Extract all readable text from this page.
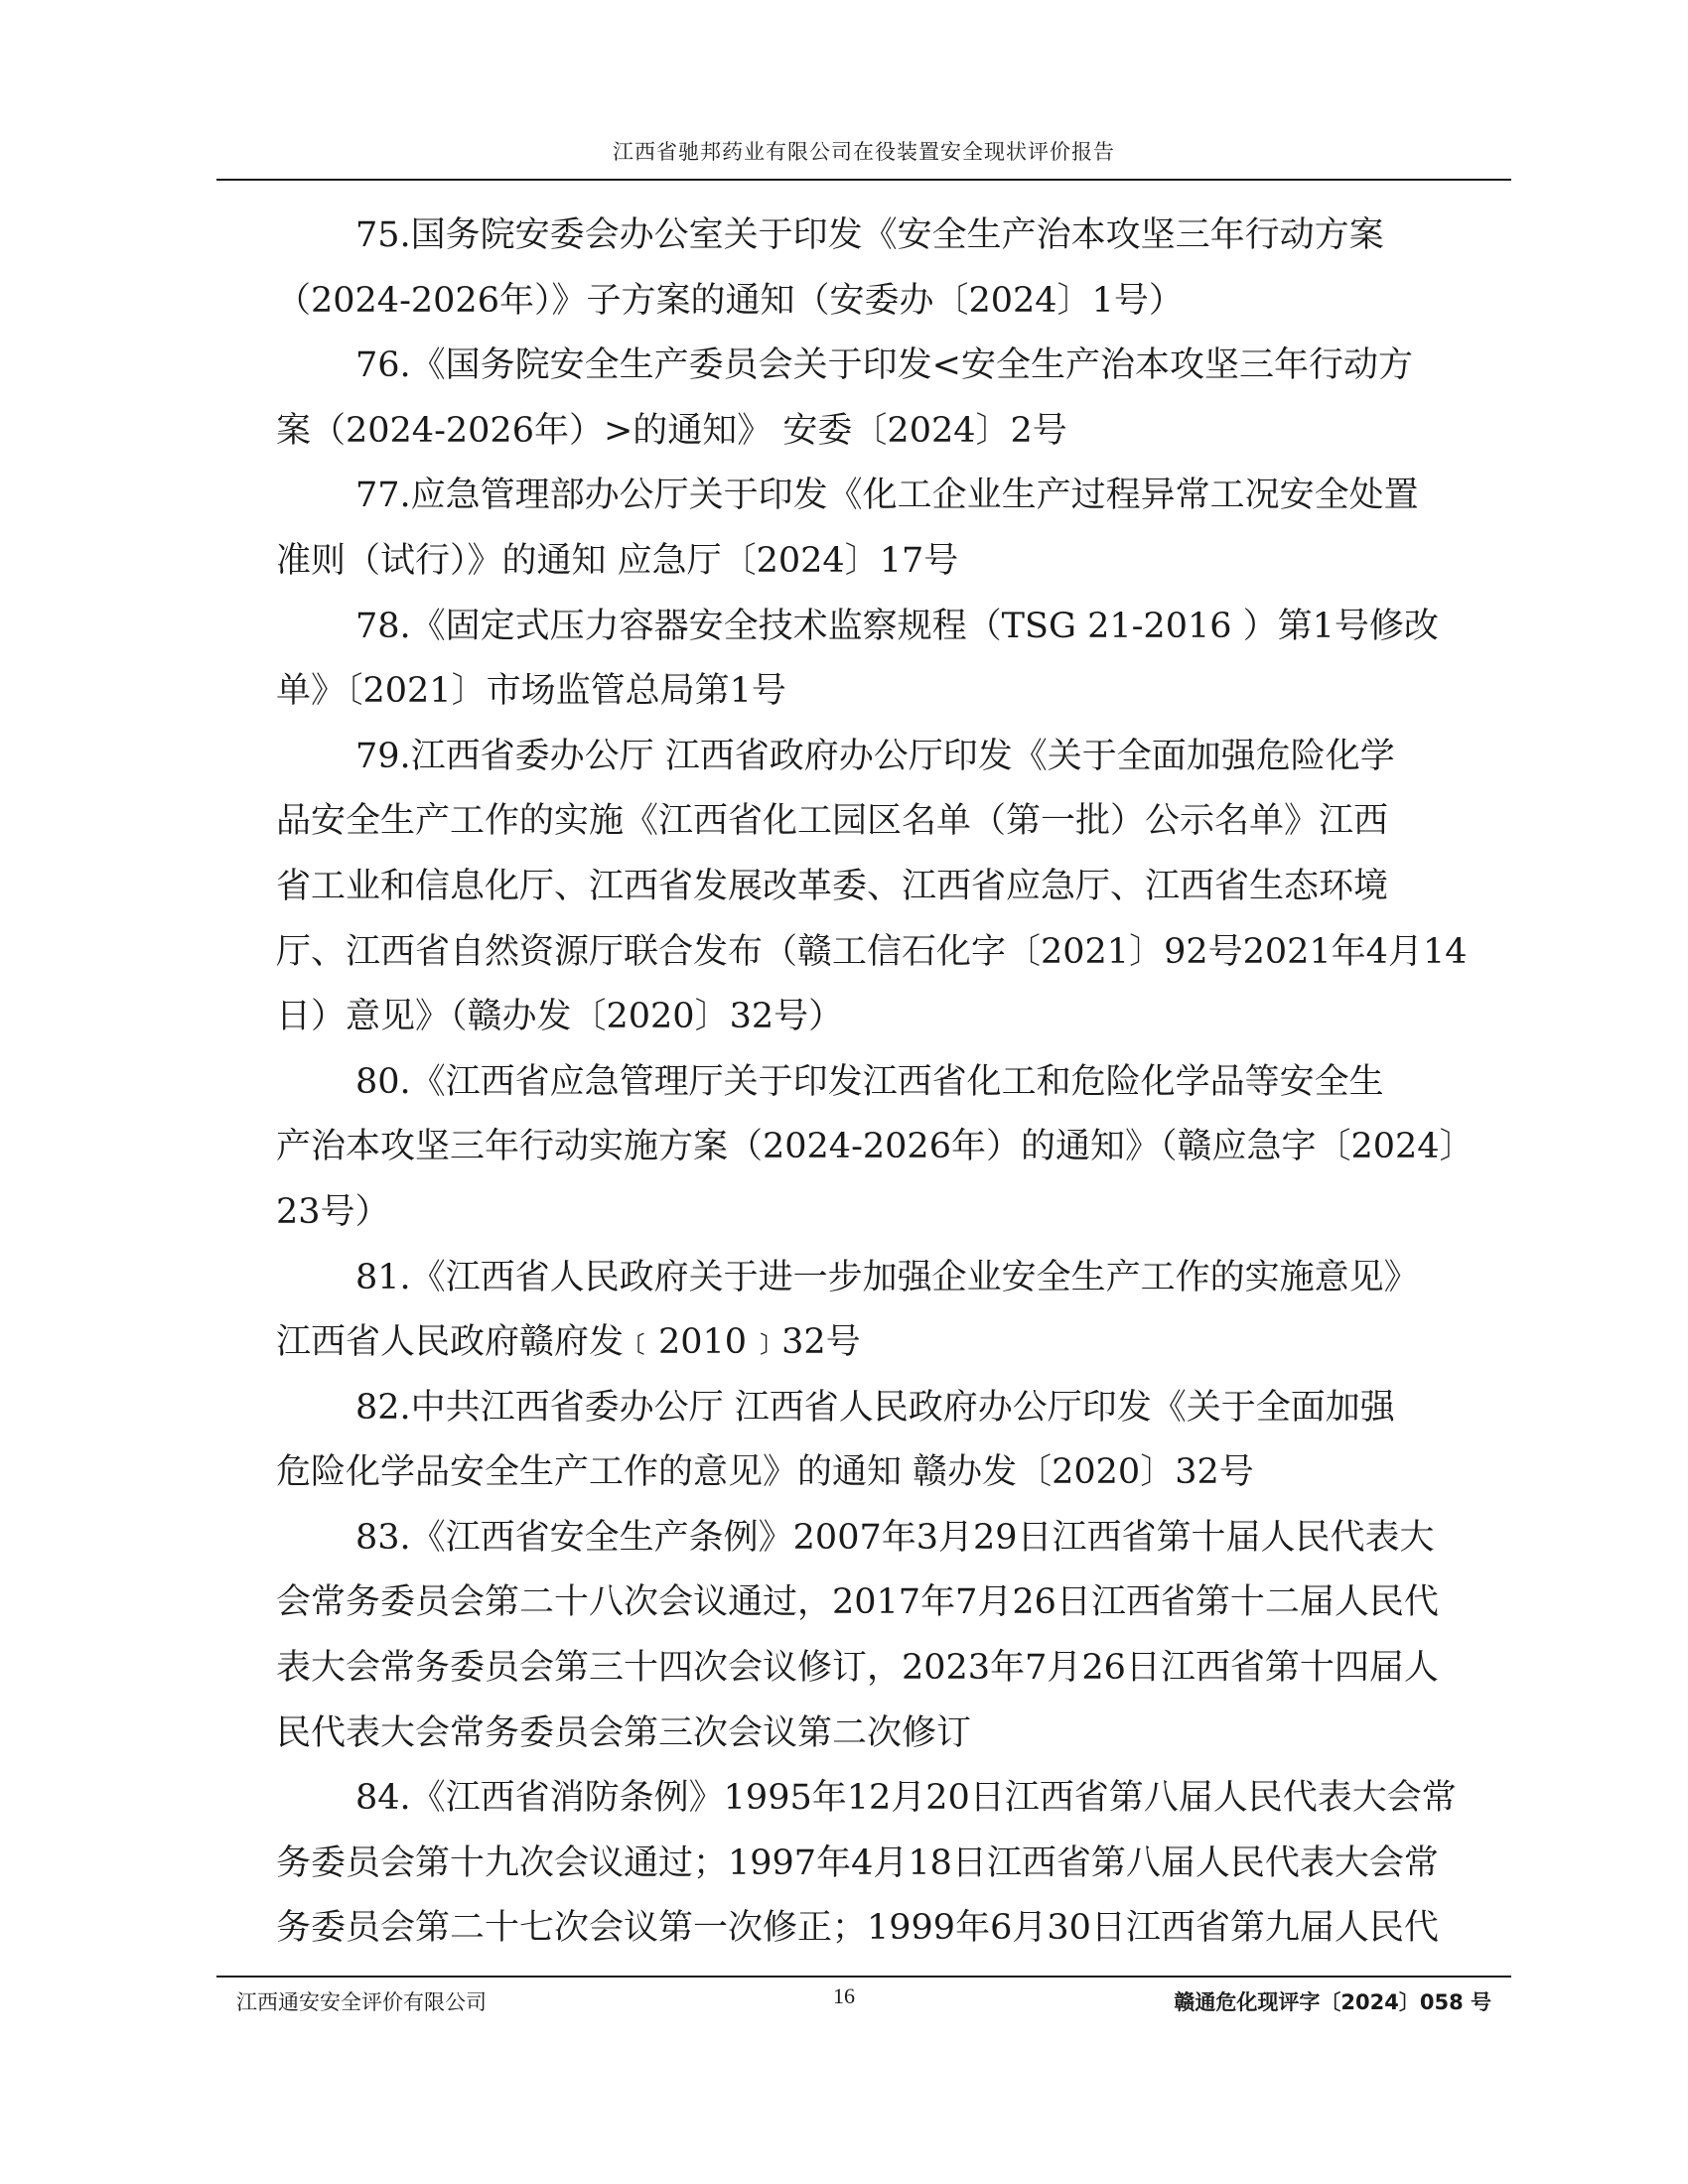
江西省驰邦药业有限公司在役装置安全现状评价报告
75.国务院安委会办公室关于印发《安全生产治本攻坚三年行动方案
（2024-2026年）》子方案的通知（安委办〔2024〕1号）
76.《国务院安全生产委员会关于印发<安全生产治本攻坚三年行动方
案（2024-2026年）>的通知》 安委〔2024〕2号
77.应急管理部办公厅关于印发《化工企业生产过程异常工况安全处置
准则（试行）》的通知 应急厅〔2024〕17号
78.《固定式压力容器安全技术监察规程（TSG 21-2016 ）第1号修改
单》〔2021〕市场监管总局第1号
79.江西省委办公厅 江西省政府办公厅印发《关于全面加强危险化学
品安全生产工作的实施《江西省化工园区名单（第一批）公示名单》江西
省工业和信息化厅、江西省发展改革委、江西省应急厅、江西省生态环境
厅、江西省自然资源厅联合发布（赣工信石化字〔2021〕92号2021年4月14
日）意见》（赣办发〔2020〕32号）
80.《江西省应急管理厅关于印发江西省化工和危险化学品等安全生
产治本攻坚三年行动实施方案（2024-2026年）的通知》（赣应急字〔2024〕
23号）
81.《江西省人民政府关于进一步加强企业安全生产工作的实施意见》
江西省人民政府赣府发﹝2010﹞32号
82.中共江西省委办公厅 江西省人民政府办公厅印发《关于全面加强
危险化学品安全生产工作的意见》的通知 赣办发〔2020〕32号
83.《江西省安全生产条例》2007年3月29日江西省第十届人民代表大
会常务委员会第二十八次会议通过，2017年7月26日江西省第十二届人民代
表大会常务委员会第三十四次会议修订，2023年7月26日江西省第十四届人
民代表大会常务委员会第三次会议第二次修订
84.《江西省消防条例》1995年12月20日江西省第八届人民代表大会常
务委员会第十九次会议通过；1997年4月18日江西省第八届人民代表大会常
务委员会第二十七次会议第一次修正；1999年6月30日江西省第九届人民代
江西通安安全评价有限公司	16	赣通危化现评字〔2024〕058 号
